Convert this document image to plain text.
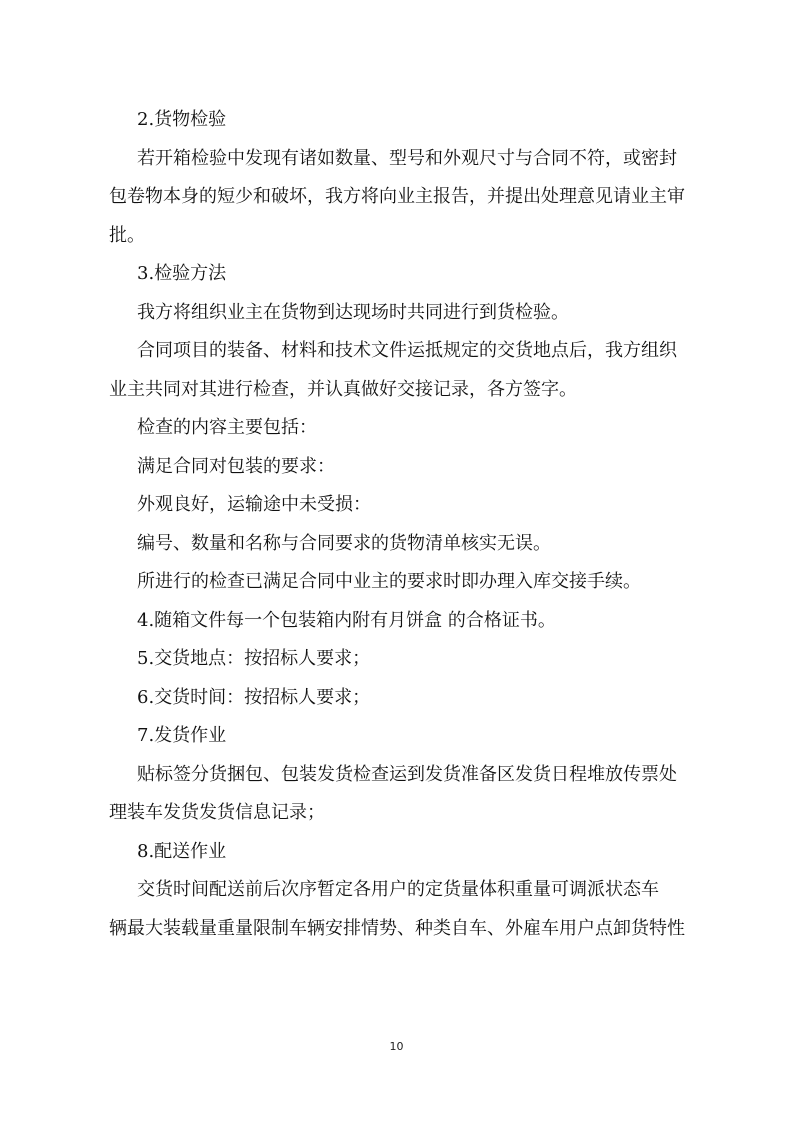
2.货物检验
若开箱检验中发现有诸如数量、型号和外观尺寸与合同不符，或密封
包卷物本身的短少和破坏，我方将向业主报告，并提出处理意见请业主审
批。
3.检验方法
我方将组织业主在货物到达现场时共同进行到货检验。
合同项目的装备、材料和技术文件运抵规定的交货地点后，我方组织
业主共同对其进行检查，并认真做好交接记录，各方签字。
检查的内容主要包括：
满足合同对包装的要求：
外观良好，运输途中未受损：
编号、数量和名称与合同要求的货物清单核实无误。
所进行的检查已满足合同中业主的要求时即办理入库交接手续。
4.随箱文件每一个包装箱内附有月饼盒 的合格证书。
5.交货地点：按招标人要求；
6.交货时间：按招标人要求；
7.发货作业
贴标签分货捆包、包装发货检查运到发货准备区发货日程堆放传票处
理装车发货发货信息记录；
8.配送作业
交货时间配送前后次序暂定各用户的定货量体积重量可调派状态车
辆最大装载量重量限制车辆安排情势、种类自车、外雇车用户点卸货特性
10
